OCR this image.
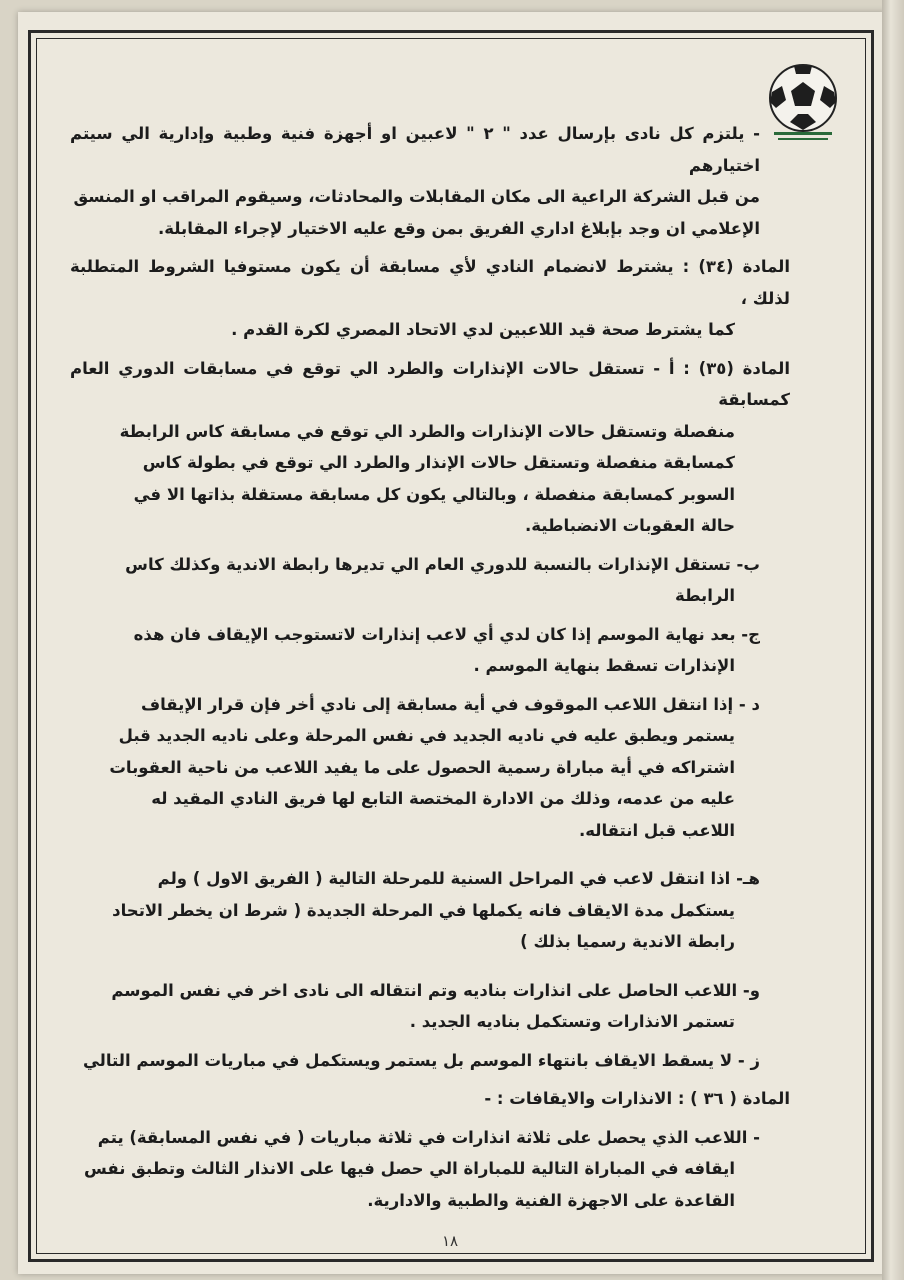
- يلتزم كل نادى بإرسال عدد " ٢ " لاعبين او أجهزة فنية وطبية وإدارية الي سيتم اختيارهم

من قبل الشركة الراعية الى مكان المقابلات والمحادثات، وسيقوم المراقب او المنسق

الإعلامي ان وجد بإبلاغ اداري الفريق بمن وقع عليه الاختيار لإجراء المقابلة.

المادة (٣٤) : يشترط لانضمام النادي لأي مسابقة أن يكون مستوفيا الشروط المتطلبة لذلك ،

كما يشترط صحة قيد اللاعبين لدي الاتحاد المصري لكرة القدم .

المادة (٣٥) : أ - تستقل حالات الإنذارات والطرد الي توقع في مسابقات الدوري العام كمسابقة

منفصلة وتستقل حالات الإنذارات والطرد الي توقع في مسابقة كاس الرابطة

كمسابقة منفصلة وتستقل حالات الإنذار والطرد الي توقع في بطولة كاس

السوبر كمسابقة منفصلة ، وبالتالي يكون كل مسابقة مستقلة بذاتها الا في

حالة العقوبات الانضباطية.

ب- تستقل الإنذارات بالنسبة للدوري العام الي تديرها رابطة الاندية وكذلك كاس

الرابطة

ج- بعد نهاية الموسم إذا كان لدي أي لاعب إنذارات لاتستوجب الإيقاف فان هذه

الإنذارات تسقط بنهاية الموسم .

د - إذا انتقل اللاعب الموقوف في أية مسابقة إلى نادي أخر فإن قرار الإيقاف

يستمر ويطبق عليه في ناديه الجديد في نفس المرحلة وعلى ناديه الجديد قبل

اشتراكه في أية مباراة رسمية الحصول على ما يفيد اللاعب من ناحية العقوبات

عليه من عدمه، وذلك من الادارة المختصة التابع لها فريق النادي المقيد له

اللاعب قبل انتقاله.

هـ- اذا انتقل لاعب في المراحل السنية للمرحلة التالية ( الفريق الاول ) ولم

يستكمل مدة الايقاف فانه يكملها في المرحلة الجديدة ( شرط ان يخطر الاتحاد

رابطة الاندية رسميا بذلك )

و- اللاعب الحاصل على انذارات بناديه وتم انتقاله الى نادى اخر في نفس الموسم

تستمر الانذارات وتستكمل بناديه الجديد .

ز - لا يسقط الايقاف بانتهاء الموسم بل يستمر ويستكمل في مباريات الموسم التالي

المادة ( ٣٦ ) : الانذارات والايقافات : -

- اللاعب الذي يحصل على ثلاثة انذارات في ثلاثة مباريات ( في نفس المسابقة) يتم

ايقافه في المباراة التالية للمباراة الي حصل فيها على الانذار الثالث وتطبق نفس

القاعدة على الاجهزة الفنية والطبية والادارية.

١٨
